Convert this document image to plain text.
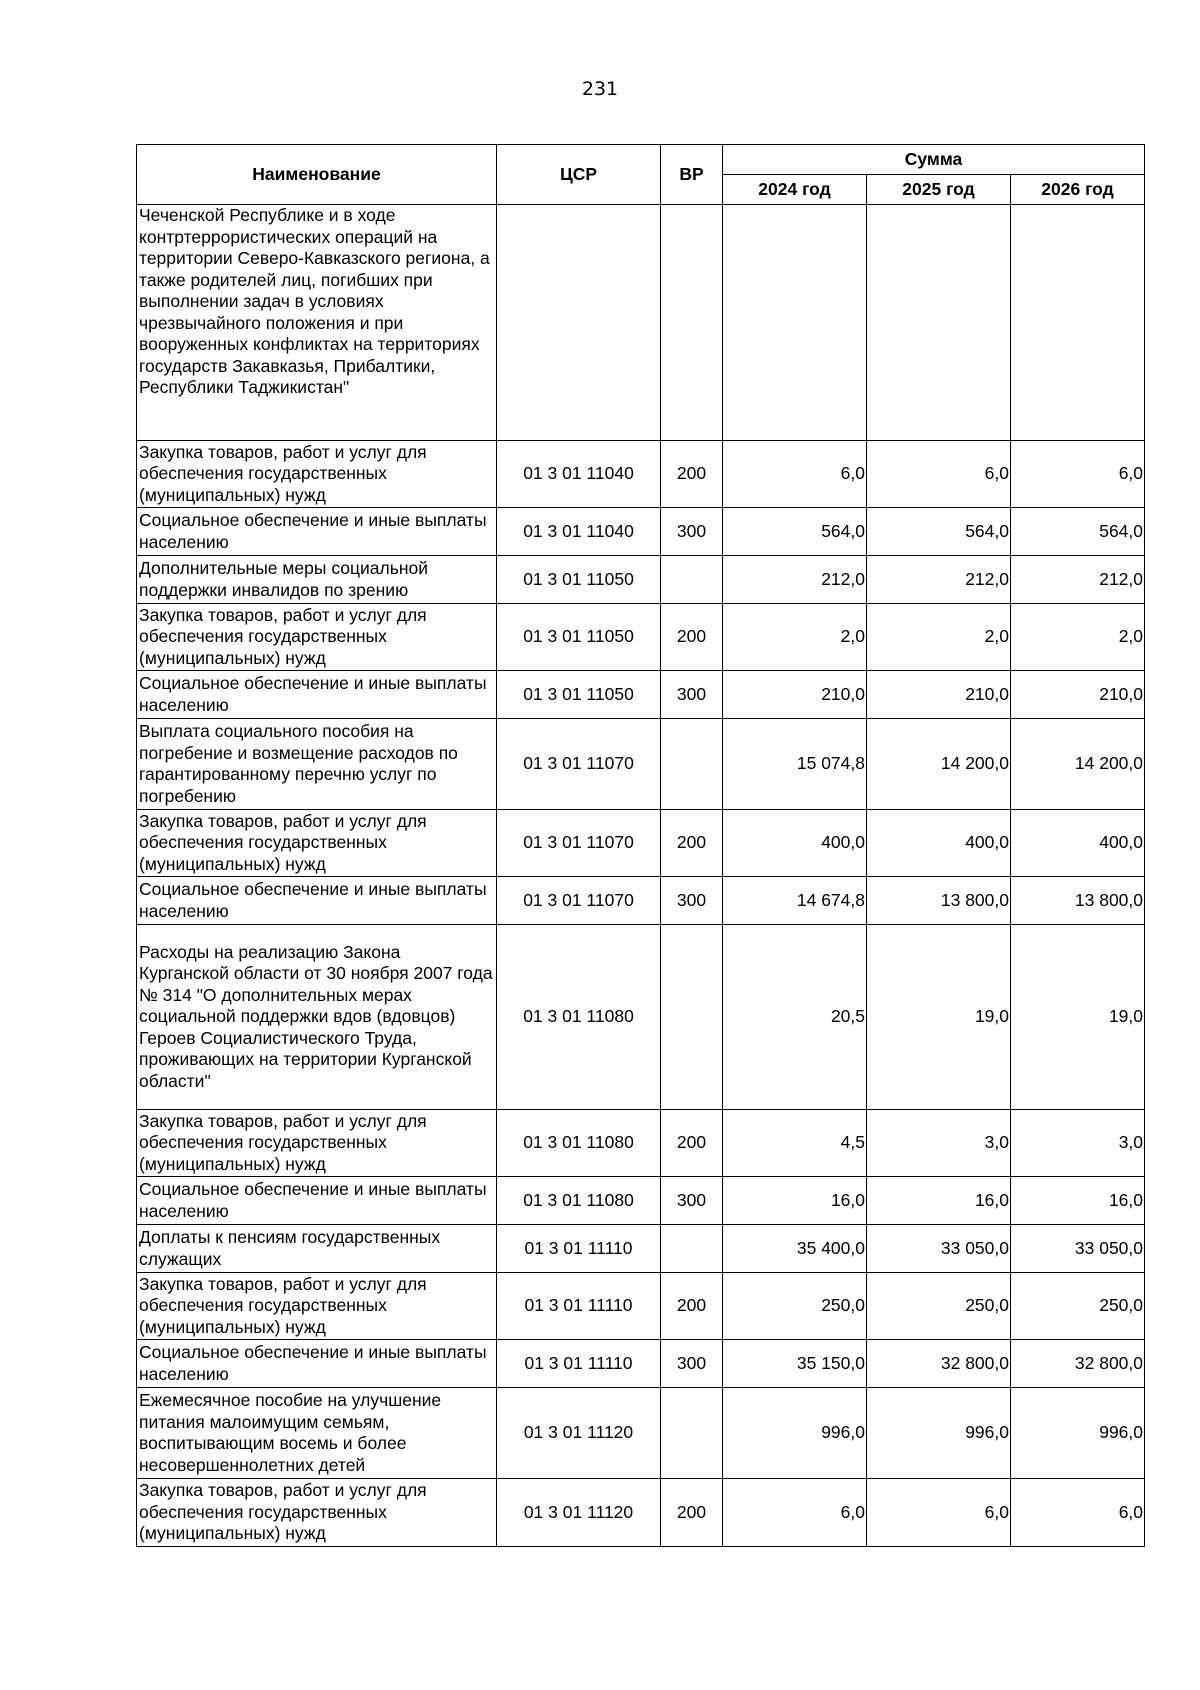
231
Наименование	ЦСР	ВР	Сумма		
			2024 год	2025 год	2026 год
Чеченской Республике и в ходе контртеррористических операций на территории Северо-Кавказского региона, а также родителей лиц, погибших при выполнении задач в условиях чрезвычайного положения и при вооруженных конфликтах на территориях государств Закавказья, Прибалтики, Республики Таджикистан"					
Закупка товаров, работ и услуг для обеспечения государственных (муниципальных) нужд	01 3 01 11040	200	6,0	6,0	6,0
Социальное обеспечение и иные выплаты населению	01 3 01 11040	300	564,0	564,0	564,0
Дополнительные меры социальной поддержки инвалидов по зрению	01 3 01 11050		212,0	212,0	212,0
Закупка товаров, работ и услуг для обеспечения государственных (муниципальных) нужд	01 3 01 11050	200	2,0	2,0	2,0
Социальное обеспечение и иные выплаты населению	01 3 01 11050	300	210,0	210,0	210,0
Выплата социального пособия на погребение и возмещение расходов по гарантированному перечню услуг по погребению	01 3 01 11070		15 074,8	14 200,0	14 200,0
Закупка товаров, работ и услуг для обеспечения государственных (муниципальных) нужд	01 3 01 11070	200	400,0	400,0	400,0
Социальное обеспечение и иные выплаты населению	01 3 01 11070	300	14 674,8	13 800,0	13 800,0
Расходы на реализацию Закона Курганской области от 30 ноября 2007 года № 314 "О дополнительных мерах социальной поддержки вдов (вдовцов) Героев Социалистического Труда, проживающих на территории Курганской области"	01 3 01 11080		20,5	19,0	19,0
Закупка товаров, работ и услуг для обеспечения государственных (муниципальных) нужд	01 3 01 11080	200	4,5	3,0	3,0
Социальное обеспечение и иные выплаты населению	01 3 01 11080	300	16,0	16,0	16,0
Доплаты к пенсиям государственных служащих	01 3 01 11110		35 400,0	33 050,0	33 050,0
Закупка товаров, работ и услуг для обеспечения государственных (муниципальных) нужд	01 3 01 11110	200	250,0	250,0	250,0
Социальное обеспечение и иные выплаты населению	01 3 01 11110	300	35 150,0	32 800,0	32 800,0
Ежемесячное пособие на улучшение питания малоимущим семьям, воспитывающим восемь и более несовершеннолетних детей	01 3 01 11120		996,0	996,0	996,0
Закупка товаров, работ и услуг для обеспечения государственных (муниципальных) нужд	01 3 01 11120	200	6,0	6,0	6,0
